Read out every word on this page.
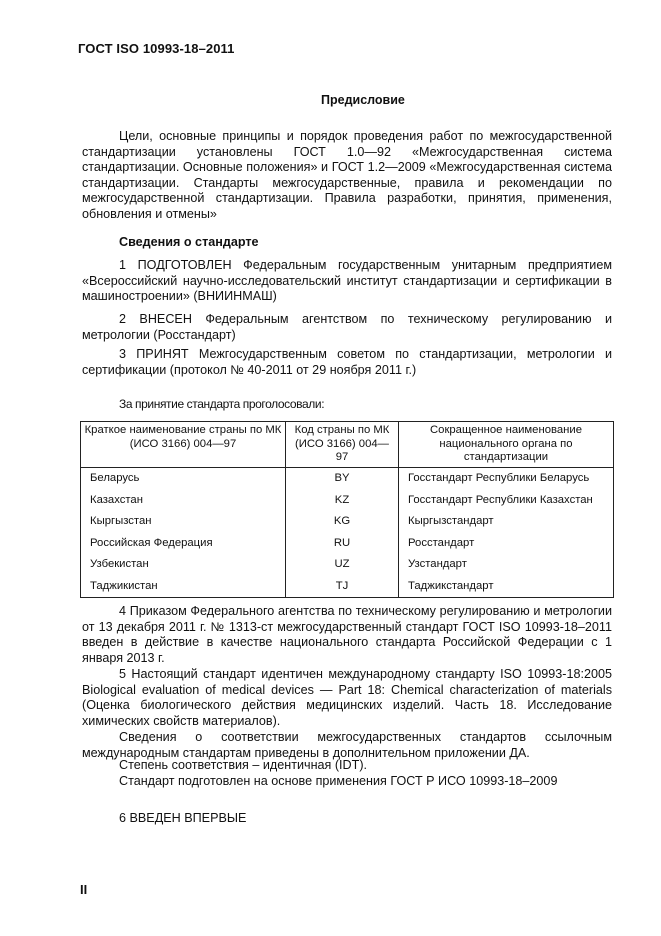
ГОСТ ISO 10993-18–2011
Предисловие

Цели, основные принципы и порядок проведения работ по межгосударственной стандартизации установлены ГОСТ 1.0—92 «Межгосударственная система стандартизации. Основные положения» и ГОСТ 1.2—2009 «Межгосударственная система стандартизации. Стандарты межгосударственные, правила и рекомендации по межгосударственной стандартизации. Правила разработки, принятия, применения, обновления и отмены»

Сведения о стандарте

1 ПОДГОТОВЛЕН Федеральным государственным унитарным предприятием «Всероссийский научно-исследовательский институт стандартизации и сертификации в машиностроении» (ВНИИНМАШ)

2 ВНЕСЕН Федеральным агентством по техническому регулированию и метрологии (Росстандарт)

3 ПРИНЯТ Межгосударственным советом по стандартизации, метрологии и сертификации (протокол № 40-2011 от 29 ноября 2011 г.)

За принятие стандарта проголосовали:
Краткое наименование страны по МК (ИСО 3166) 004—97	Код страны по МК (ИСО 3166) 004—97	Сокращенное наименование национального органа по стандартизации
Беларусь	BY	Госстандарт Республики Беларусь
Казахстан	KZ	Госстандарт Республики Казахстан
Кыргызстан	KG	Кыргызстандарт
Российская Федерация	RU	Росстандарт
Узбекистан	UZ	Узстандарт
Таджикистан	TJ	Таджикстандарт

4 Приказом Федерального агентства по техническому регулированию и метрологии от 13 декабря 2011 г. № 1313-ст межгосударственный стандарт ГОСТ ISO 10993-18–2011 введен в действие в качестве национального стандарта Российской Федерации с 1 января 2013 г.

5 Настоящий стандарт идентичен международному стандарту ISO 10993-18:2005 Biological evaluation of medical devices — Part 18: Chemical characterization of materials (Оценка биологического действия медицинских изделий. Часть 18. Исследование химических свойств материалов).

Сведения о соответствии межгосударственных стандартов ссылочным международным стандартам приведены в дополнительном приложении ДА.

Степень соответствия – идентичная (IDT).
Стандарт подготовлен на основе применения ГОСТ Р ИСО 10993-18–2009
6 ВВЕДЕН ВПЕРВЫЕ
II
